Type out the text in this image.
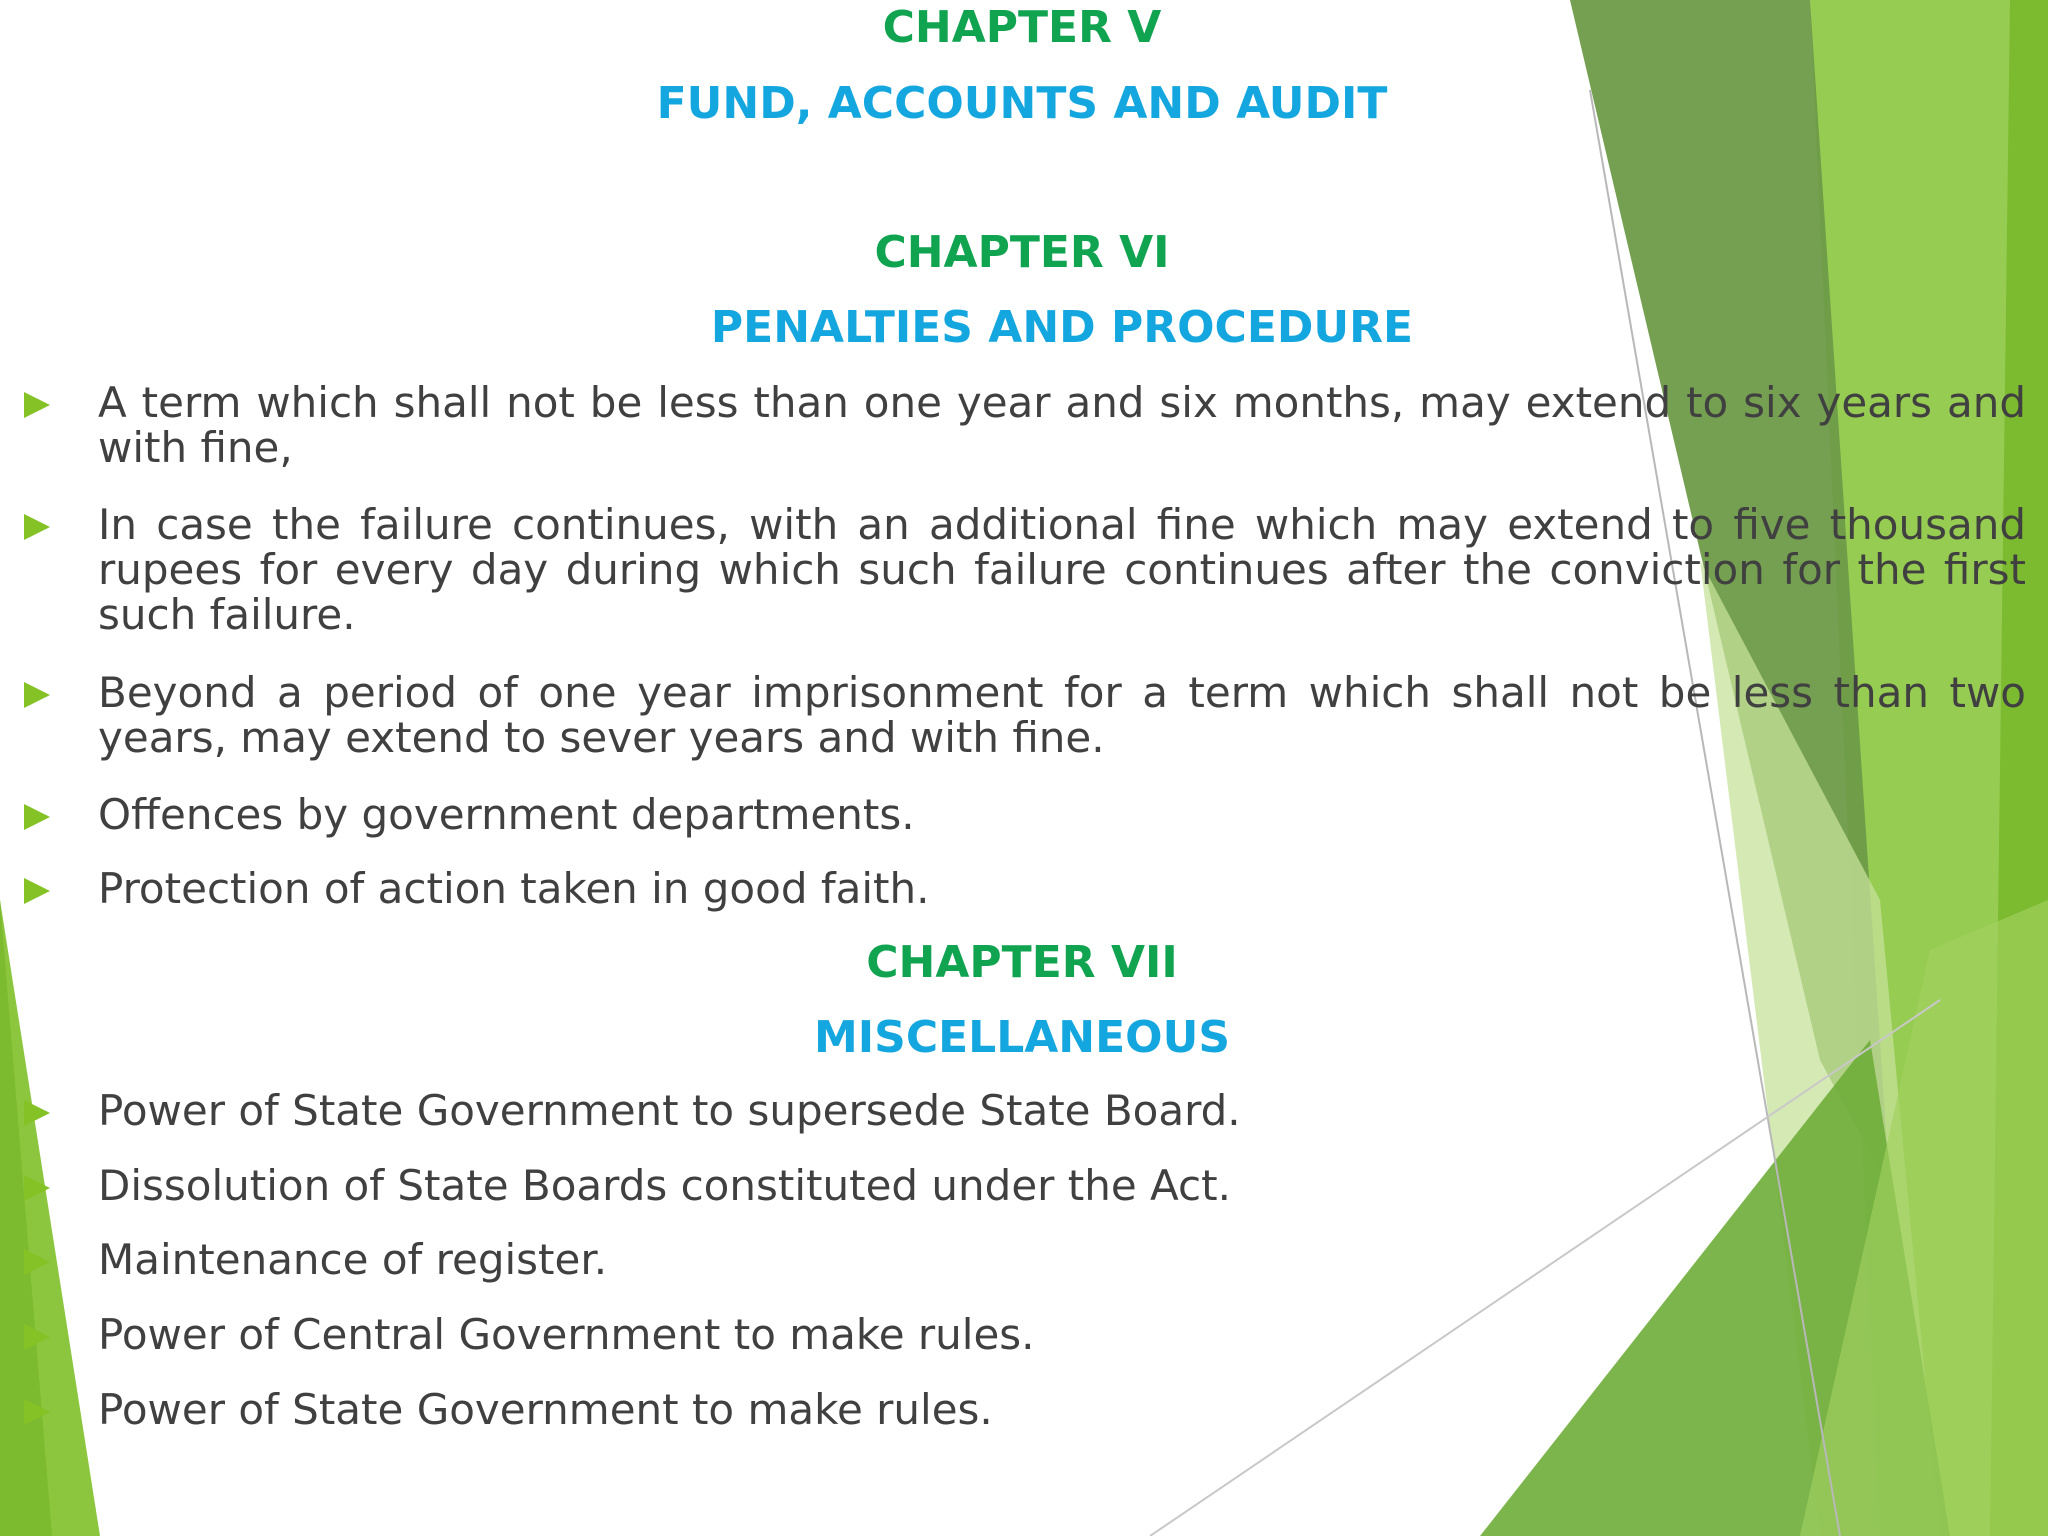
CHAPTER V
FUND, ACCOUNTS AND AUDIT
CHAPTER VI
PENALTIES AND PROCEDURE
A term which shall not be less than one year and six months, may extend to six years and with fine,
In case the failure continues, with an additional fine which may extend to five thousand rupees for every day during which such failure continues after the conviction for the first such failure.
Beyond a period of one year imprisonment for a term which shall not be less than two years, may extend to sever years and with fine.
Offences by government departments.
Protection of action taken in good faith.
CHAPTER VII
MISCELLANEOUS
Power of State Government to supersede State Board.
Dissolution of State Boards constituted under the Act.
Maintenance of register.
Power of Central Government to make rules.
Power of State Government to make rules.
